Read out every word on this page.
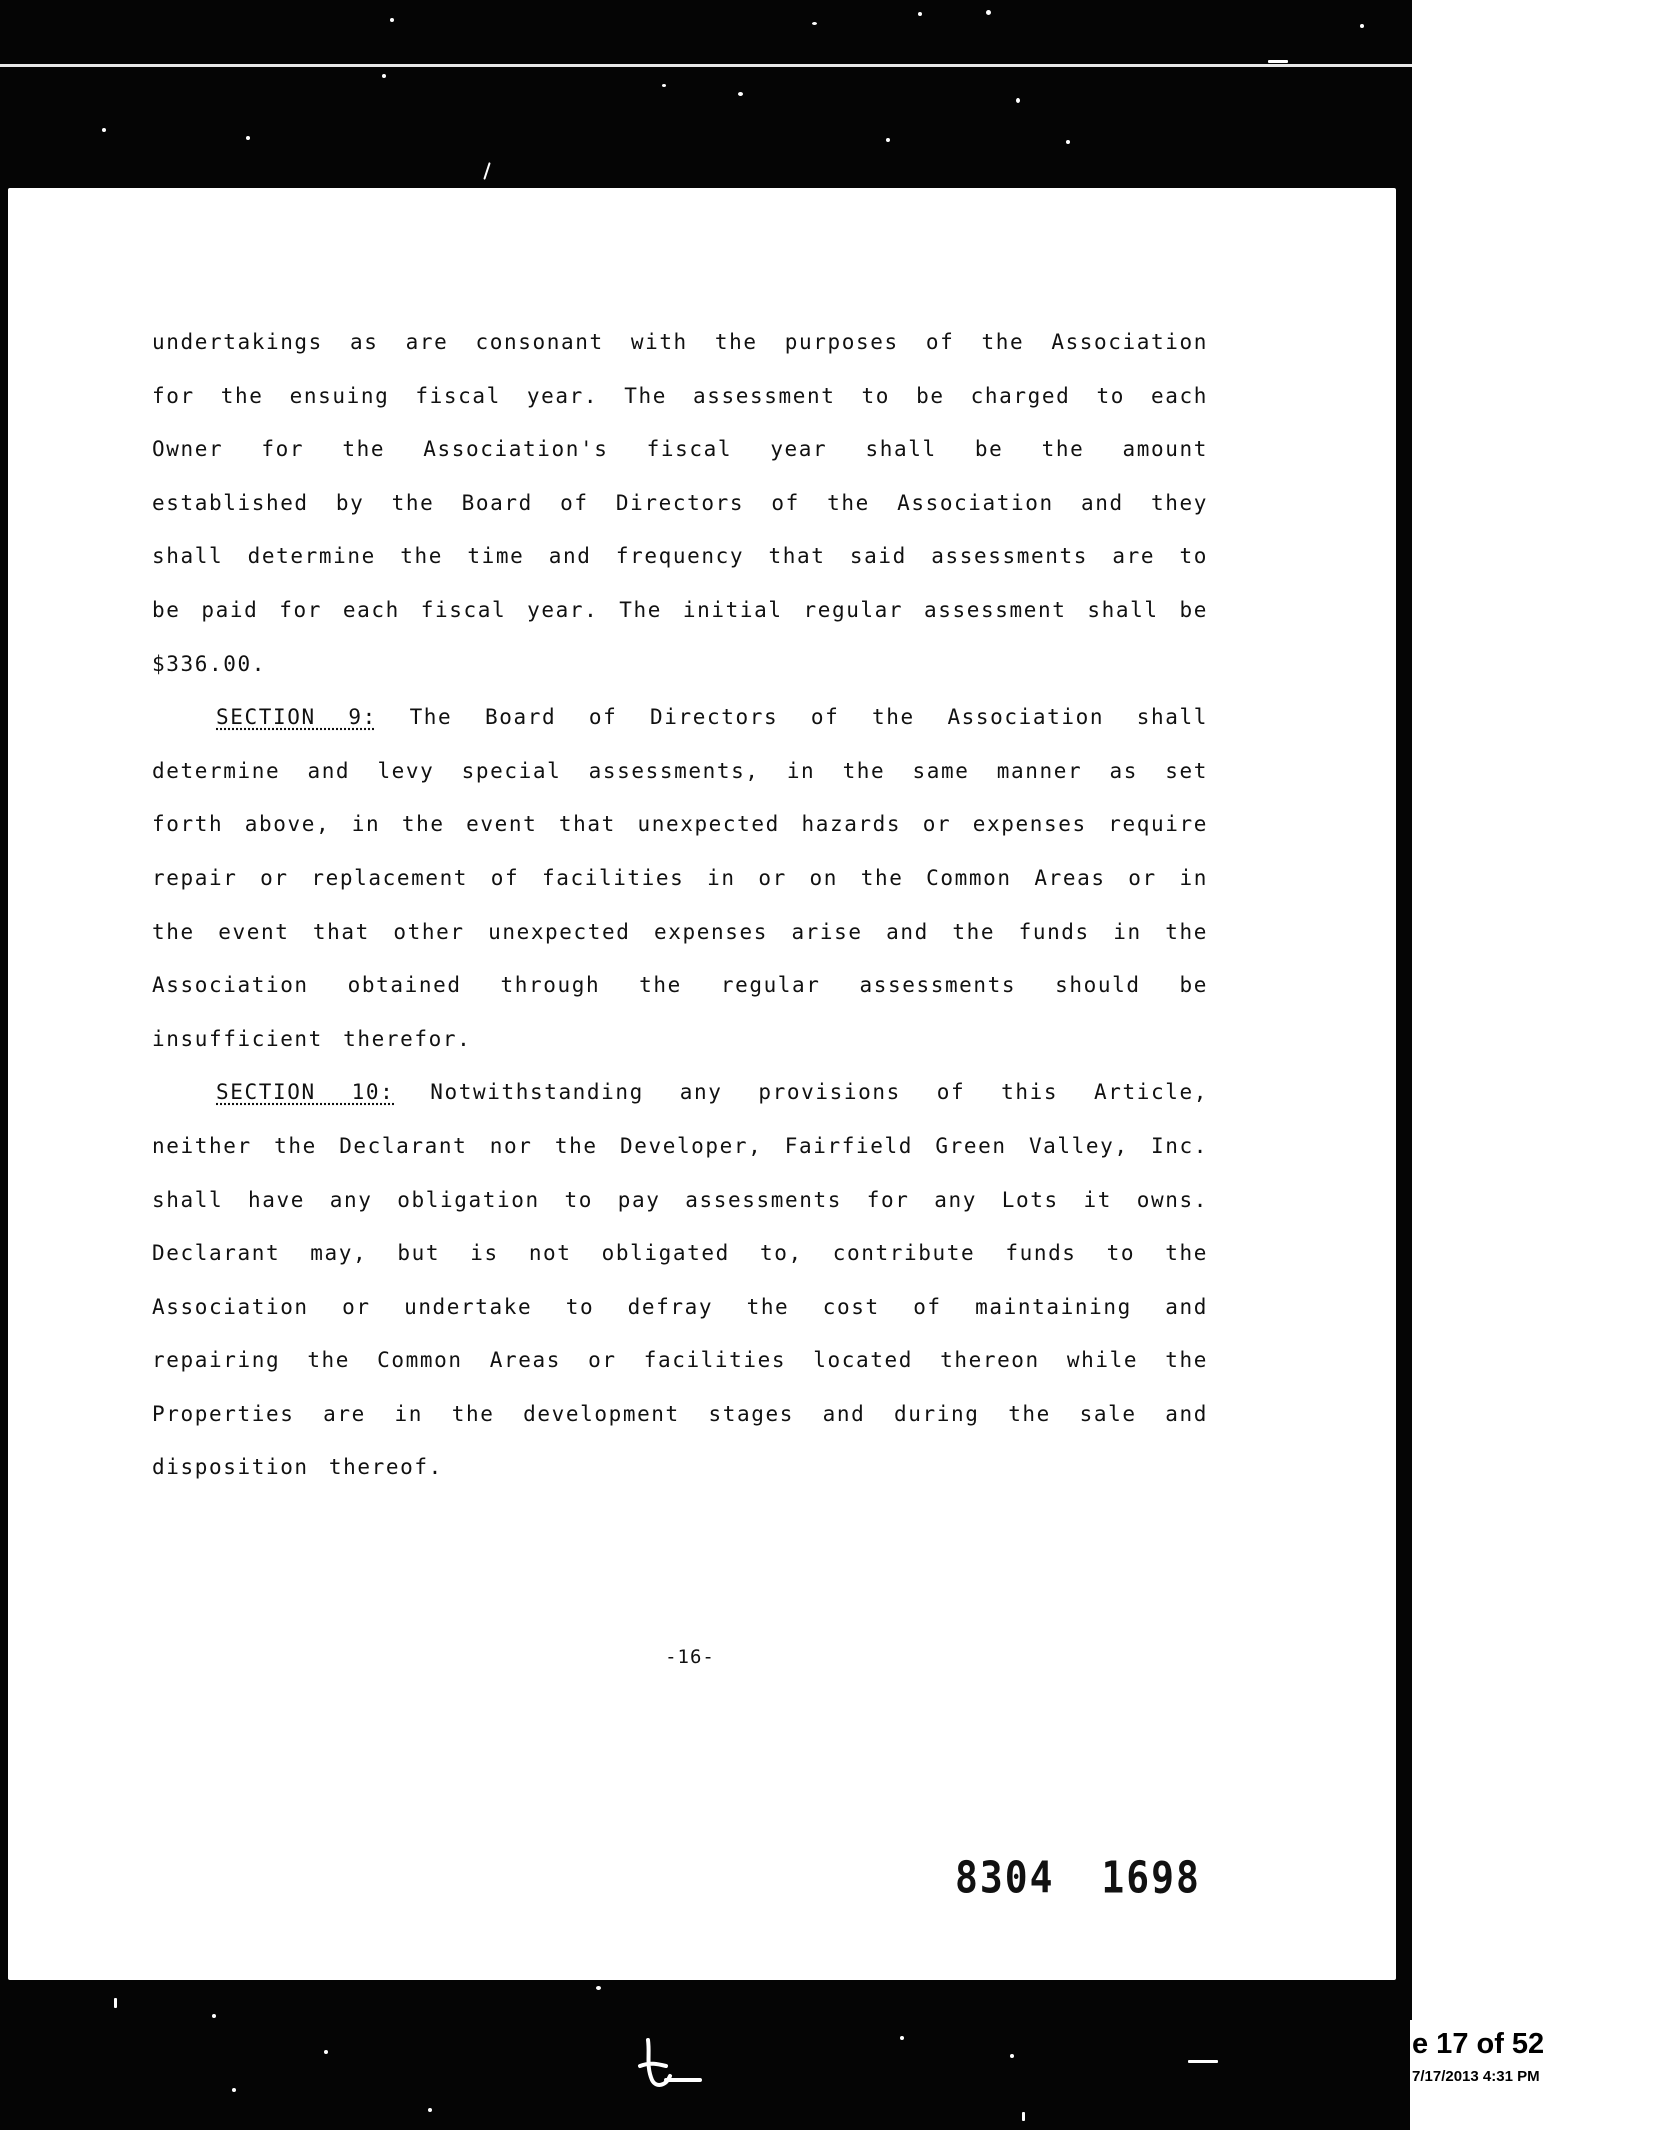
undertakings as are consonant with the purposes of the Association for the ensuing fiscal year. The assessment to be charged to each Owner for the Association's fiscal year shall be the amount established by the Board of Directors of the Association and they shall determine the time and frequency that said assessments are to be paid for each fiscal year. The initial regular assessment shall be $336.00.

SECTION 9: The Board of Directors of the Association shall determine and levy special assessments, in the same manner as set forth above, in the event that unexpected hazards or expenses require repair or replacement of facilities in or on the Common Areas or in the event that other unexpected expenses arise and the funds in the Association obtained through the regular assessments should be insufficient therefor.

SECTION 10: Notwithstanding any provisions of this Article, neither the Declarant nor the Developer, Fairfield Green Valley, Inc. shall have any obligation to pay assessments for any Lots it owns. Declarant may, but is not obligated to, contribute funds to the Association or undertake to defray the cost of maintaining and repairing the Common Areas or facilities located thereon while the Properties are in the development stages and during the sale and disposition thereof.

-16-
8304 1698
e 17 of 52
7/17/2013 4:31 PM
